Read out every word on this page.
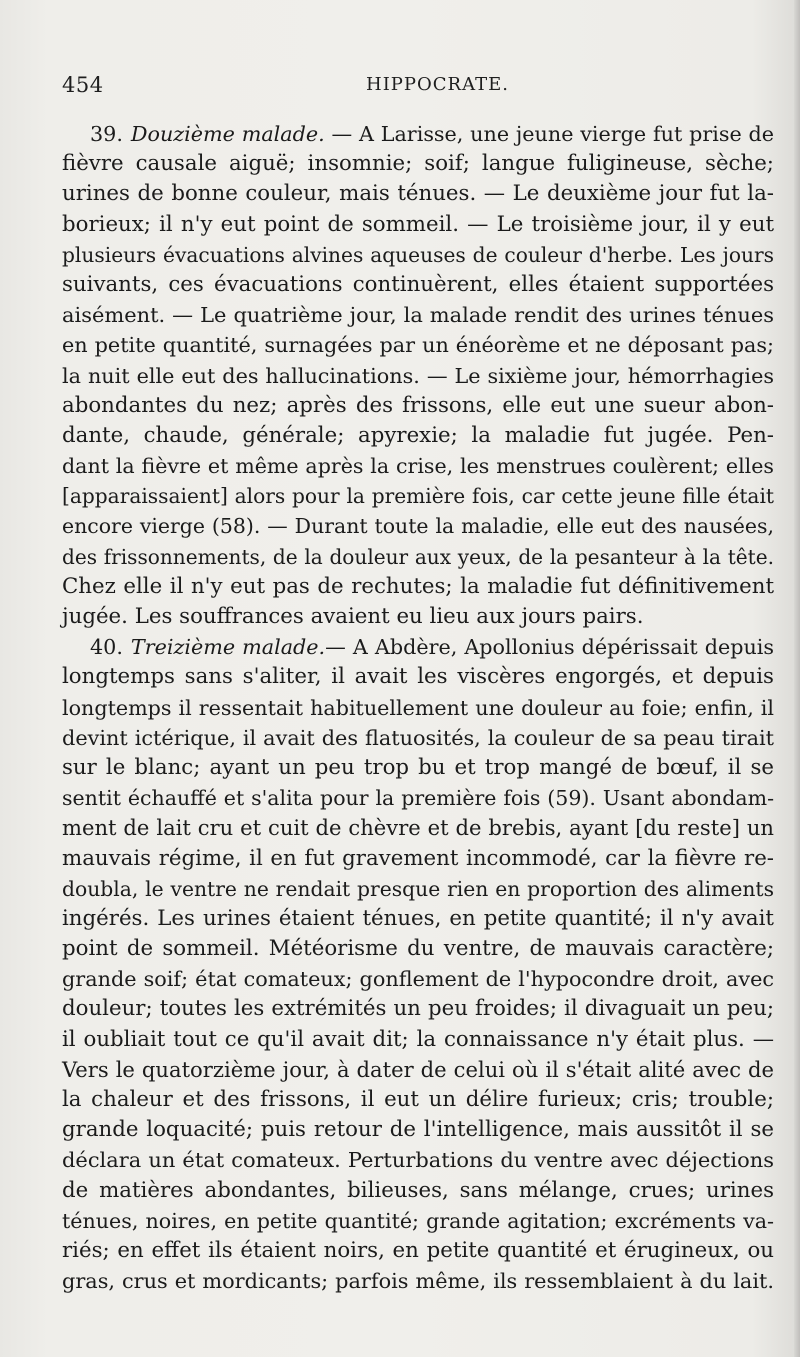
454	HIPPOCRATE.
39. Douzième malade. — A Larisse, une jeune vierge fut prise de
fièvre causale aiguë; insomnie; soif; langue fuligineuse, sèche;
urines de bonne couleur, mais ténues. — Le deuxième jour fut la-
borieux; il n'y eut point de sommeil. — Le troisième jour, il y eut
plusieurs évacuations alvines aqueuses de couleur d'herbe. Les jours
suivants, ces évacuations continuèrent, elles étaient supportées
aisément. — Le quatrième jour, la malade rendit des urines ténues
en petite quantité, surnagées par un énéorème et ne déposant pas;
la nuit elle eut des hallucinations. — Le sixième jour, hémorrhagies
abondantes du nez; après des frissons, elle eut une sueur abon-
dante, chaude, générale; apyrexie; la maladie fut jugée. Pen-
dant la fièvre et même après la crise, les menstrues coulèrent; elles
[apparaissaient] alors pour la première fois, car cette jeune fille était
encore vierge (58). — Durant toute la maladie, elle eut des nausées,
des frissonnements, de la douleur aux yeux, de la pesanteur à la tête.
Chez elle il n'y eut pas de rechutes; la maladie fut définitivement
jugée. Les souffrances avaient eu lieu aux jours pairs.
40. Treizième malade.— A Abdère, Apollonius dépérissait depuis
longtemps sans s'aliter, il avait les viscères engorgés, et depuis
longtemps il ressentait habituellement une douleur au foie; enfin, il
devint ictérique, il avait des flatuosités, la couleur de sa peau tirait
sur le blanc; ayant un peu trop bu et trop mangé de bœuf, il se
sentit échauffé et s'alita pour la première fois (59). Usant abondam-
ment de lait cru et cuit de chèvre et de brebis, ayant [du reste] un
mauvais régime, il en fut gravement incommodé, car la fièvre re-
doubla, le ventre ne rendait presque rien en proportion des aliments
ingérés. Les urines étaient ténues, en petite quantité; il n'y avait
point de sommeil. Météorisme du ventre, de mauvais caractère;
grande soif; état comateux; gonflement de l'hypocondre droit, avec
douleur; toutes les extrémités un peu froides; il divaguait un peu;
il oubliait tout ce qu'il avait dit; la connaissance n'y était plus. —
Vers le quatorzième jour, à dater de celui où il s'était alité avec de
la chaleur et des frissons, il eut un délire furieux; cris; trouble;
grande loquacité; puis retour de l'intelligence, mais aussitôt il se
déclara un état comateux. Perturbations du ventre avec déjections
de matières abondantes, bilieuses, sans mélange, crues; urines
ténues, noires, en petite quantité; grande agitation; excréments va-
riés; en effet ils étaient noirs, en petite quantité et érugineux, ou
gras, crus et mordicants; parfois même, ils ressemblaient à du lait.
